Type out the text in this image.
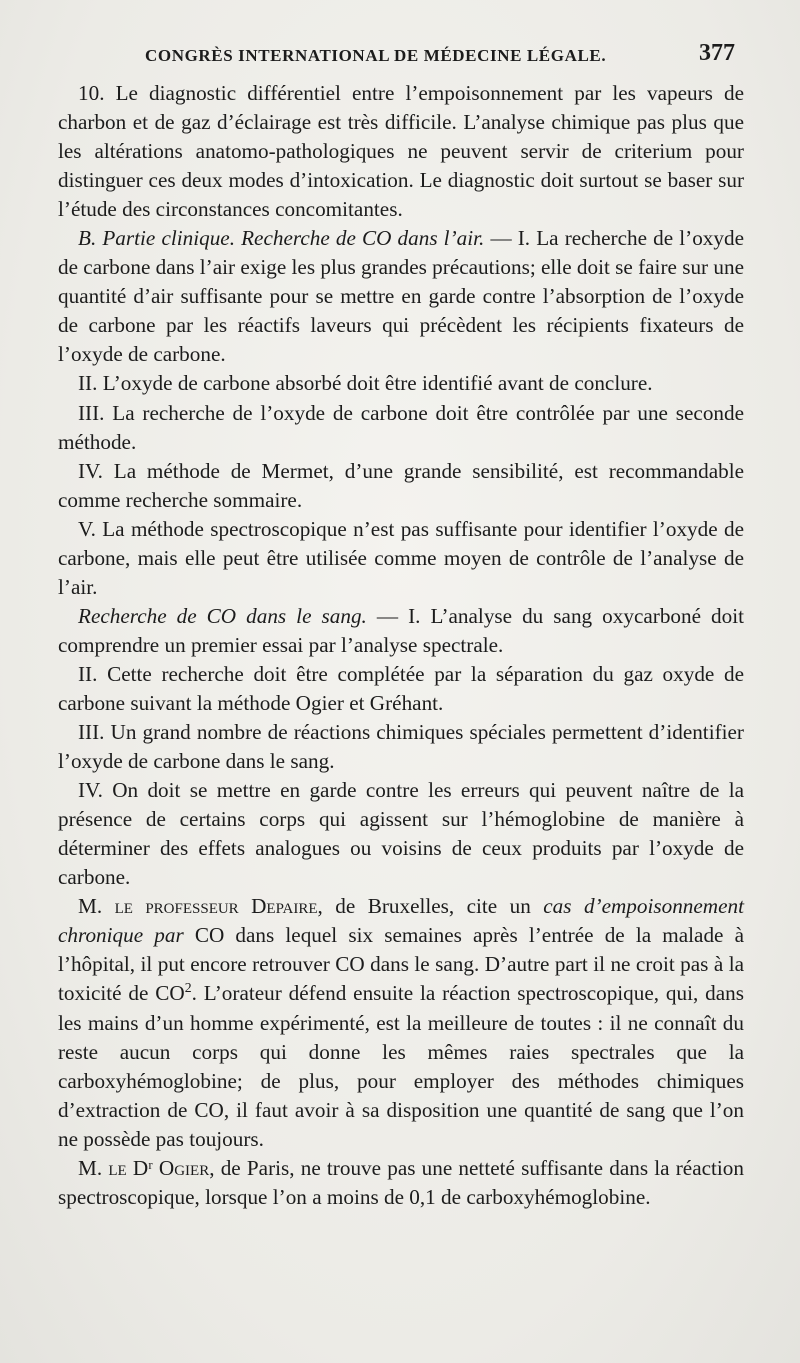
CONGRÈS INTERNATIONAL DE MÉDECINE LÉGALE.	377

10. Le diagnostic différentiel entre l’empoisonnement par les vapeurs de charbon et de gaz d’éclairage est très difficile. L’analyse chimique pas plus que les altérations anatomo-pathologiques ne peuvent servir de criterium pour distinguer ces deux modes d’intoxication. Le diagnostic doit surtout se baser sur l’étude des circonstances concomitantes.

B. Partie clinique. Recherche de CO dans l’air. — I. La recherche de l’oxyde de carbone dans l’air exige les plus grandes précautions; elle doit se faire sur une quantité d’air suffisante pour se mettre en garde contre l’absorption de l’oxyde de carbone par les réactifs laveurs qui précèdent les récipients fixateurs de l’oxyde de carbone.

II. L’oxyde de carbone absorbé doit être identifié avant de conclure.

III. La recherche de l’oxyde de carbone doit être contrôlée par une seconde méthode.

IV. La méthode de Mermet, d’une grande sensibilité, est recommandable comme recherche sommaire.

V. La méthode spectroscopique n’est pas suffisante pour identifier l’oxyde de carbone, mais elle peut être utilisée comme moyen de contrôle de l’analyse de l’air.

Recherche de CO dans le sang. — I. L’analyse du sang oxycarboné doit comprendre un premier essai par l’analyse spectrale.

II. Cette recherche doit être complétée par la séparation du gaz oxyde de carbone suivant la méthode Ogier et Gréhant.

III. Un grand nombre de réactions chimiques spéciales permettent d’identifier l’oxyde de carbone dans le sang.

IV. On doit se mettre en garde contre les erreurs qui peuvent naître de la présence de certains corps qui agissent sur l’hémoglobine de manière à déterminer des effets analogues ou voisins de ceux produits par l’oxyde de carbone.

M. le professeur Depaire, de Bruxelles, cite un cas d’empoisonnement chronique par CO dans lequel six semaines après l’entrée de la malade à l’hôpital, il put encore retrouver CO dans le sang. D’autre part il ne croit pas à la toxicité de $CO^2$. L’orateur défend ensuite la réaction spectroscopique, qui, dans les mains d’un homme expérimenté, est la meilleure de toutes : il ne connaît du reste aucun corps qui donne les mêmes raies spectrales que la carboxyhémoglobine; de plus, pour employer des méthodes chimiques d’extraction de CO, il faut avoir à sa disposition une quantité de sang que l’on ne possède pas toujours.

M. le Dʳ Ogier, de Paris, ne trouve pas une netteté suffisante dans la réaction spectroscopique, lorsque l’on a moins de 0,1 de carboxyhémoglobine.
